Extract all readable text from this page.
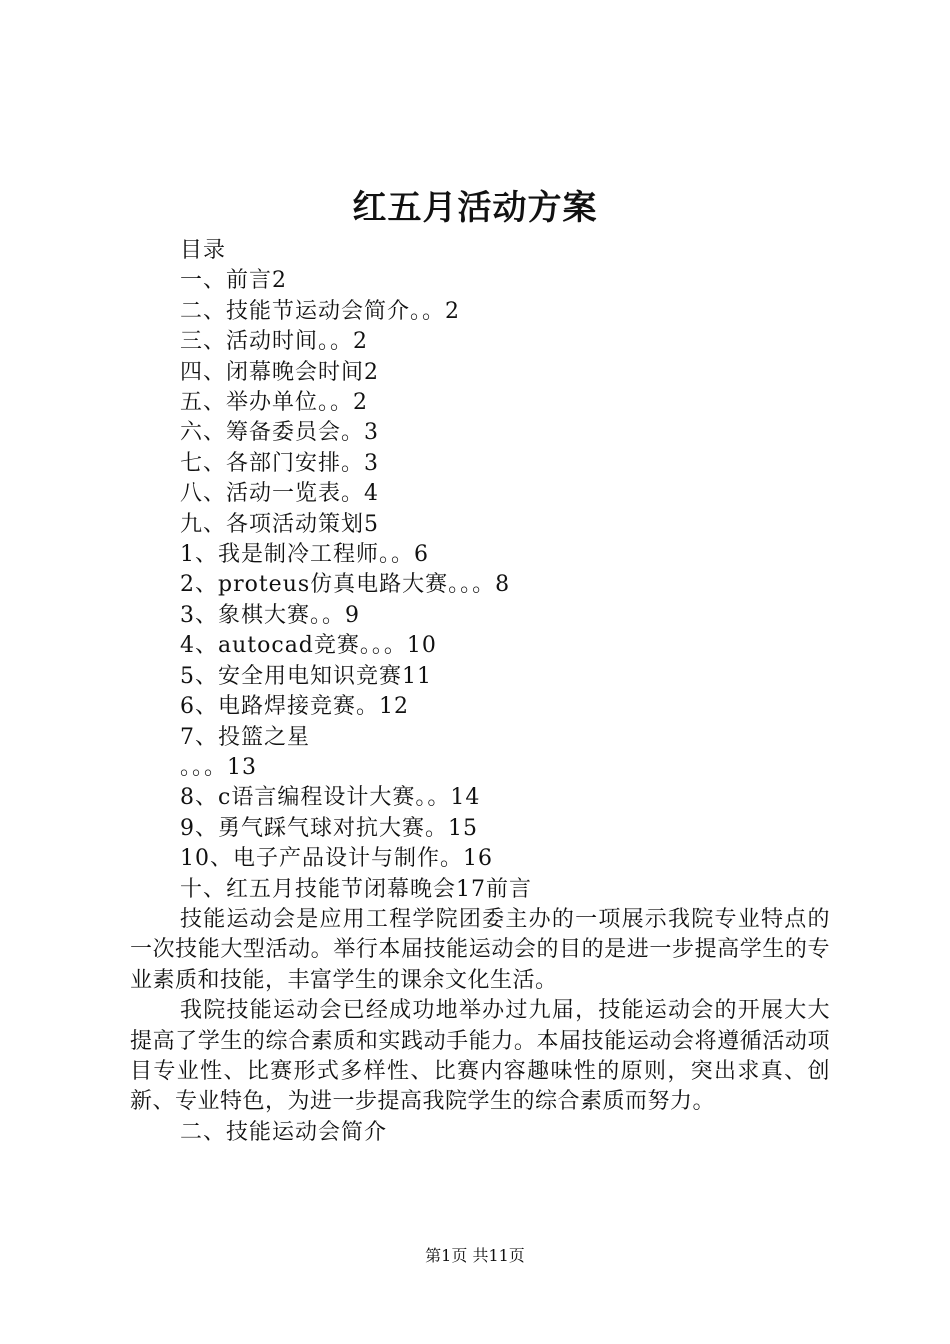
红五月活动方案
目录
一、前言2
二、技能节运动会简介。。2
三、活动时间。。2
四、闭幕晚会时间2
五、举办单位。。2
六、筹备委员会。3
七、各部门安排。3
八、活动一览表。4
九、各项活动策划5
1、我是制冷工程师。。6
2、proteus仿真电路大赛。。。8
3、象棋大赛。。9
4、autocad竞赛。。。10
5、安全用电知识竞赛11
6、电路焊接竞赛。12
7、投篮之星
。。。13
8、c语言编程设计大赛。。14
9、勇气踩气球对抗大赛。15
10、电子产品设计与制作。16
十、红五月技能节闭幕晚会17前言

技能运动会是应用工程学院团委主办的一项展示我院专业特点的一次技能大型活动。举行本届技能运动会的目的是进一步提高学生的专业素质和技能，丰富学生的课余文化生活。

我院技能运动会已经成功地举办过九届，技能运动会的开展大大提高了学生的综合素质和实践动手能力。本届技能运动会将遵循活动项目专业性、比赛形式多样性、比赛内容趣味性的原则，突出求真、创新、专业特色，为进一步提高我院学生的综合素质而努力。

二、技能运动会简介

第1页 共11页
